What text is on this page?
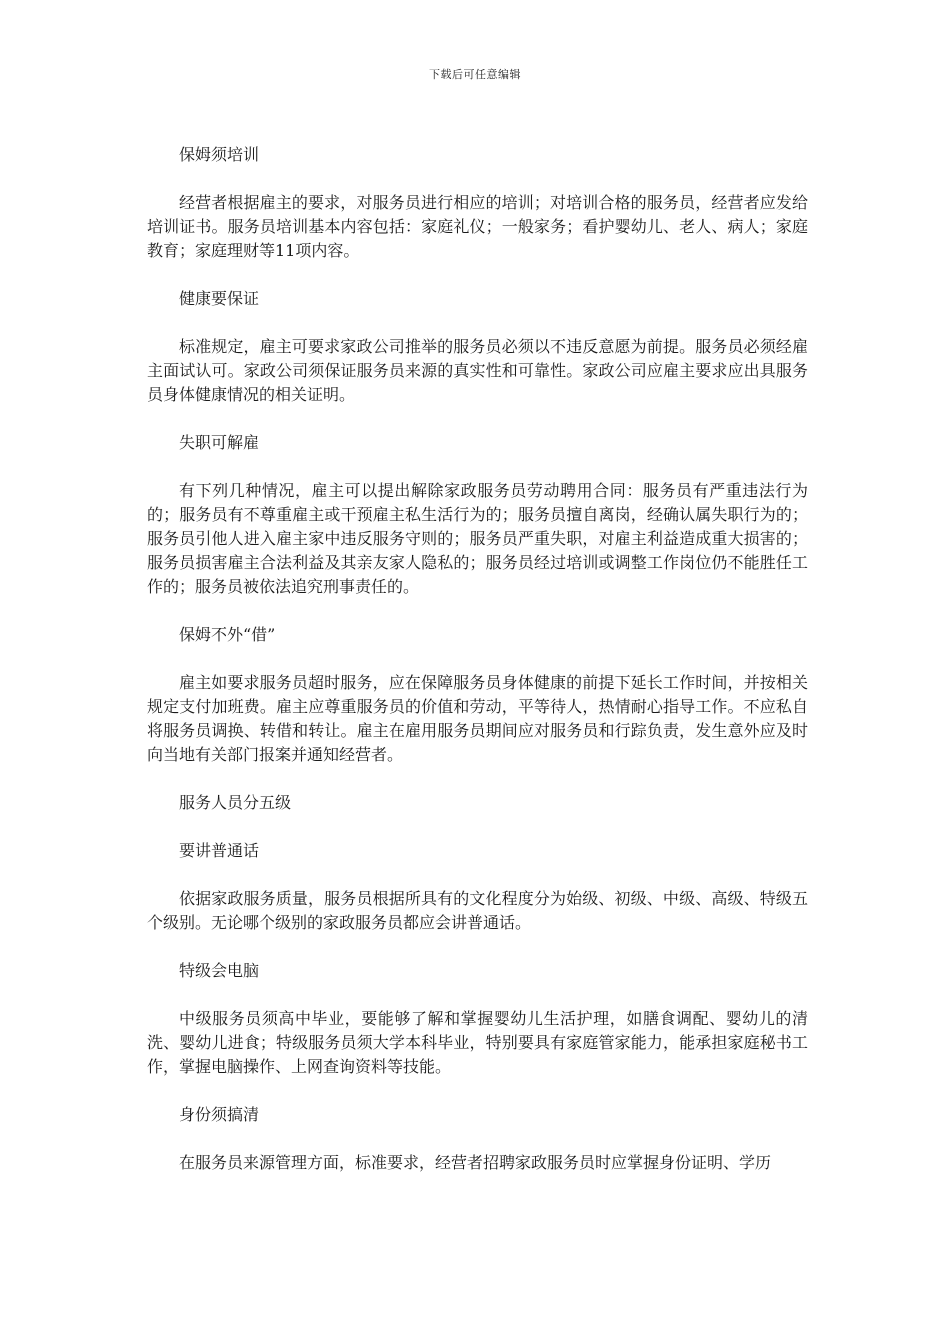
下载后可任意编辑

保姆须培训

经营者根据雇主的要求，对服务员进行相应的培训；对培训合格的服务员，经营者应发给培训证书。服务员培训基本内容包括：家庭礼仪；一般家务；看护婴幼儿、老人、病人；家庭教育；家庭理财等11项内容。

健康要保证

标准规定，雇主可要求家政公司推举的服务员必须以不违反意愿为前提。服务员必须经雇主面试认可。家政公司须保证服务员来源的真实性和可靠性。家政公司应雇主要求应出具服务员身体健康情况的相关证明。

失职可解雇

有下列几种情况，雇主可以提出解除家政服务员劳动聘用合同：服务员有严重违法行为的；服务员有不尊重雇主或干预雇主私生活行为的；服务员擅自离岗，经确认属失职行为的；服务员引他人进入雇主家中违反服务守则的；服务员严重失职，对雇主利益造成重大损害的；服务员损害雇主合法利益及其亲友家人隐私的；服务员经过培训或调整工作岗位仍不能胜任工作的；服务员被依法追究刑事责任的。

保姆不外“借”

雇主如要求服务员超时服务，应在保障服务员身体健康的前提下延长工作时间，并按相关规定支付加班费。雇主应尊重服务员的价值和劳动，平等待人，热情耐心指导工作。不应私自将服务员调换、转借和转让。雇主在雇用服务员期间应对服务员和行踪负责，发生意外应及时向当地有关部门报案并通知经营者。

服务人员分五级

要讲普通话

依据家政服务质量，服务员根据所具有的文化程度分为始级、初级、中级、高级、特级五个级别。无论哪个级别的家政服务员都应会讲普通话。

特级会电脑

中级服务员须高中毕业，要能够了解和掌握婴幼儿生活护理，如膳食调配、婴幼儿的清洗、婴幼儿进食；特级服务员须大学本科毕业，特别要具有家庭管家能力，能承担家庭秘书工作，掌握电脑操作、上网查询资料等技能。

身份须搞清

在服务员来源管理方面，标准要求，经营者招聘家政服务员时应掌握身份证明、学历
